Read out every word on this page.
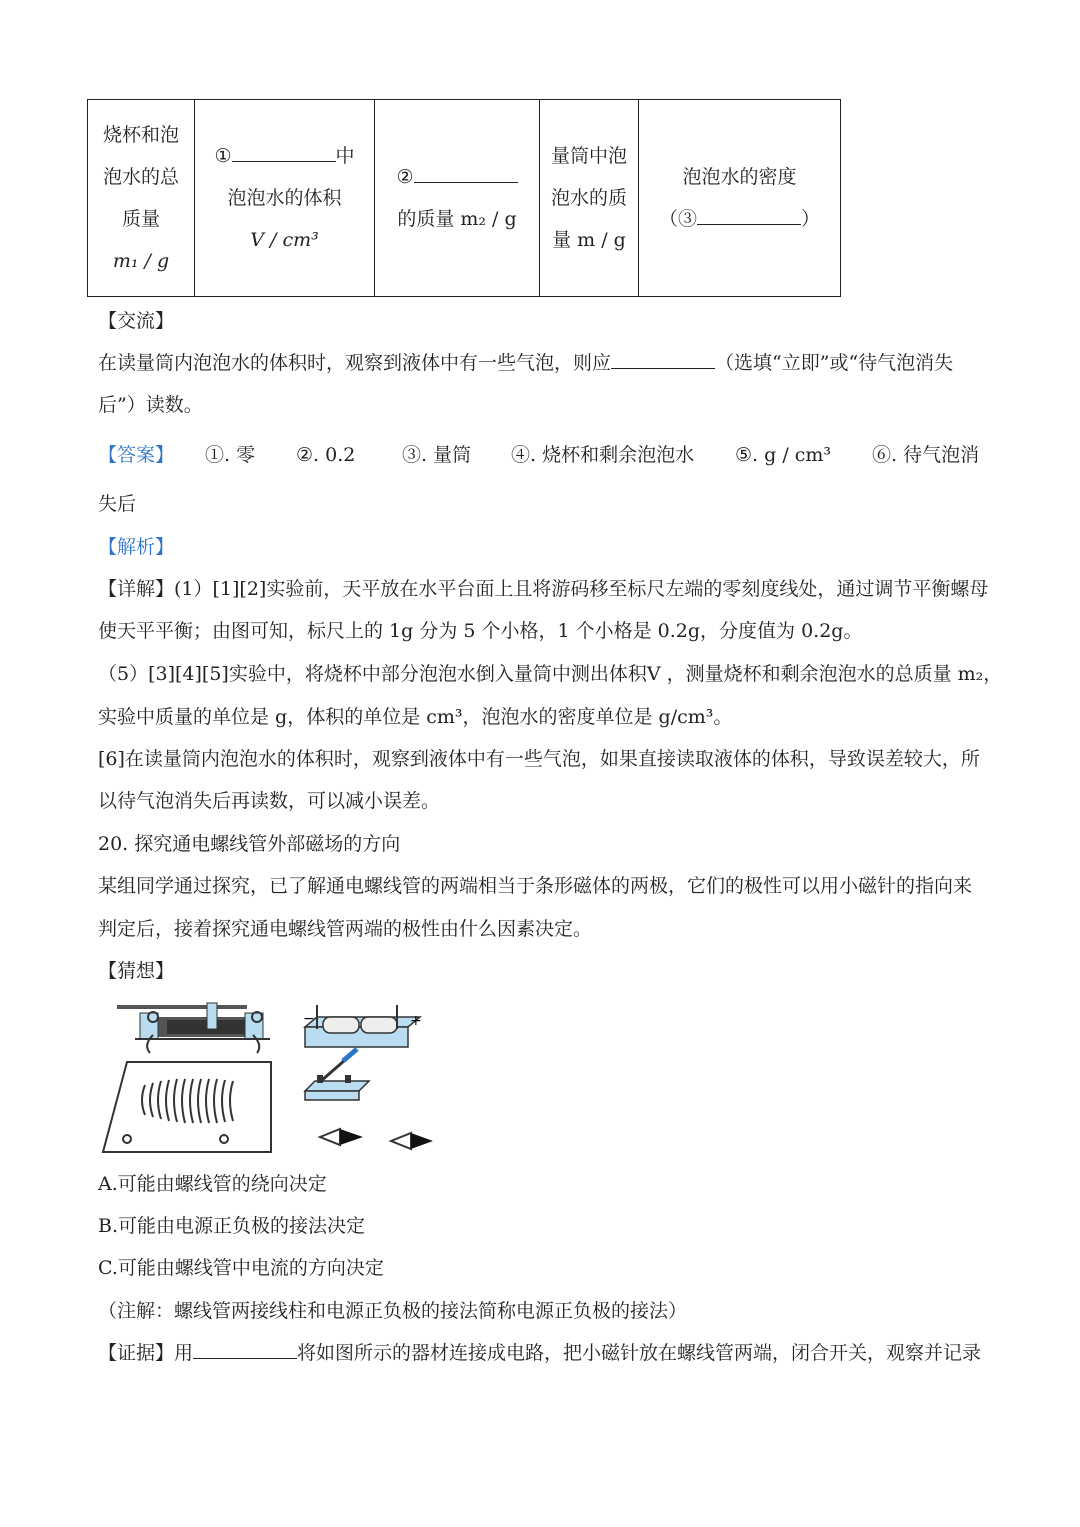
烧杯和泡
泡水的总
质量
m₁ / g

①	中
泡泡水的体积
V / cm³

②
的质量 m₂ / g

量筒中泡
泡水的质
量 m / g

泡泡水的密度
（③	）
【交流】
在读量筒内泡泡水的体积时，观察到液体中有一些气泡，则应	（选填“立即”或“待气泡消失
后”）读数。
【答案】 ①. 零 ②. 0.2 ③. 量筒 ④. 烧杯和剩余泡泡水 ⑤. g / cm³ ⑥. 待气泡消
失后
【解析】
【详解】(1）[1][2]实验前，天平放在水平台面上且将游码移至标尺左端的零刻度线处，通过调节平衡螺母
使天平平衡；由图可知，标尺上的 1g 分为 5 个小格，1 个小格是 0.2g，分度值为 0.2g。
（5）[3][4][5]实验中，将烧杯中部分泡泡水倒入量筒中测出体积V ，测量烧杯和剩余泡泡水的总质量 m₂，
实验中质量的单位是 g，体积的单位是 cm³，泡泡水的密度单位是 g/cm³。
[6]在读量筒内泡泡水的体积时，观察到液体中有一些气泡，如果直接读取液体的体积，导致误差较大，所
以待气泡消失后再读数，可以减小误差。
20. 探究通电螺线管外部磁场的方向
某组同学通过探究，已了解通电螺线管的两端相当于条形磁体的两极，它们的极性可以用小磁针的指向来
判定后，接着探究通电螺线管两端的极性由什么因素决定。
【猜想】
−	+
A.可能由螺线管的绕向决定
B.可能由电源正负极的接法决定
C.可能由螺线管中电流的方向决定
（注解：螺线管两接线柱和电源正负极的接法简称电源正负极的接法）
【证据】用	将如图所示的器材连接成电路，把小磁针放在螺线管两端，闭合开关，观察并记录
